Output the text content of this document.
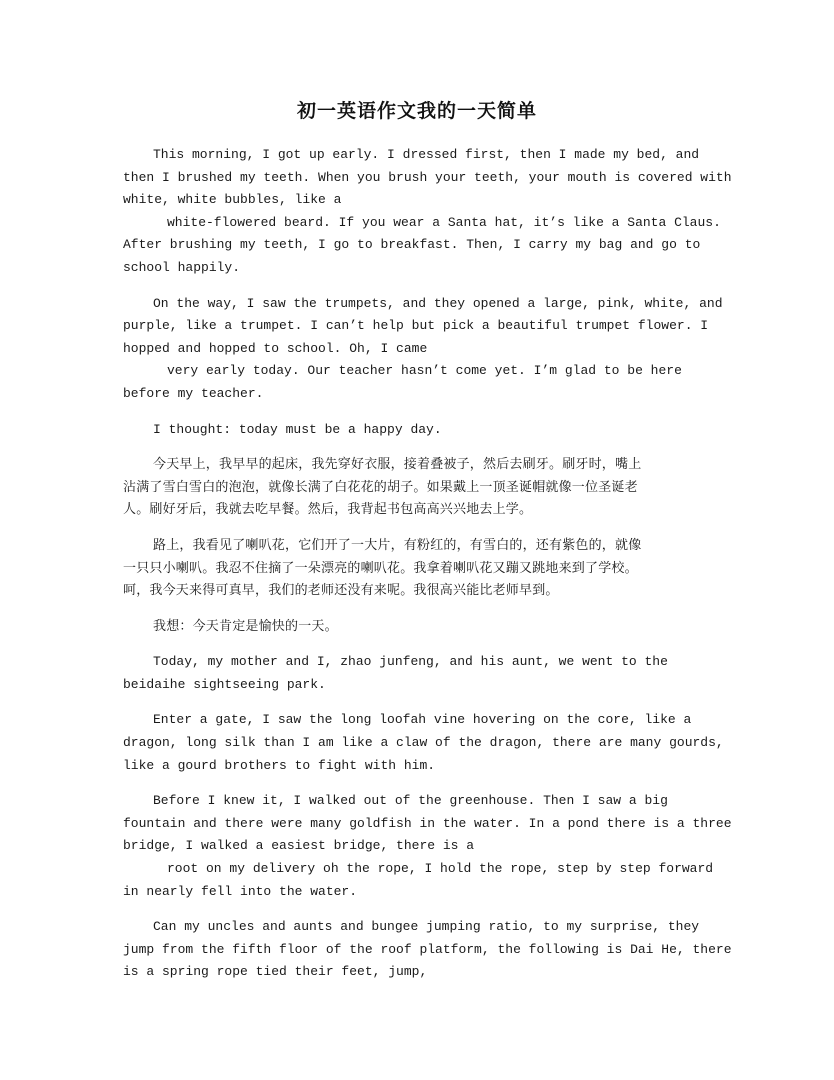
初一英语作文我的一天简单
This morning, I got up early. I dressed first, then I made my bed, and
then I brushed my teeth. When you brush your teeth, your mouth is covered with
white, white bubbles, like a
white-flowered beard. If you wear a Santa hat, it’s like a Santa Claus.
After brushing my teeth, I go to breakfast. Then, I carry my bag and go to
school happily.
On the way, I saw the trumpets, and they opened a large, pink, white, and
purple, like a trumpet. I can’t help but pick a beautiful trumpet flower. I
hopped and hopped to school. Oh, I came
very early today. Our teacher hasn’t come yet. I’m glad to be here
before my teacher.
I thought: today must be a happy day.
今天早上，我早早的起床，我先穿好衣服，接着叠被子，然后去刷牙。刷牙时，嘴上
沾满了雪白雪白的泡泡，就像长满了白花花的胡子。如果戴上一顶圣诞帽就像一位圣诞老
人。刷好牙后，我就去吃早餐。然后，我背起书包高高兴兴地去上学。
路上，我看见了喇叭花，它们开了一大片，有粉红的，有雪白的，还有紫色的，就像
一只只小喇叭。我忍不住摘了一朵漂亮的喇叭花。我拿着喇叭花又蹦又跳地来到了学校。
呵，我今天来得可真早，我们的老师还没有来呢。我很高兴能比老师早到。
我想：今天肯定是愉快的一天。
Today, my mother and I, zhao junfeng, and his aunt, we went to the
beidaihe sightseeing park.
Enter a gate, I saw the long loofah vine hovering on the core, like a
dragon, long silk than I am like a claw of the dragon, there are many gourds,
like a gourd brothers to fight with him.
Before I knew it, I walked out of the greenhouse. Then I saw a big
fountain and there were many goldfish in the water. In a pond there is a three
bridge, I walked a easiest bridge, there is a
root on my delivery oh the rope, I hold the rope, step by step forward
in nearly fell into the water.
Can my uncles and aunts and bungee jumping ratio, to my surprise, they
jump from the fifth floor of the roof platform, the following is Dai He, there
is a spring rope tied their feet, jump,
